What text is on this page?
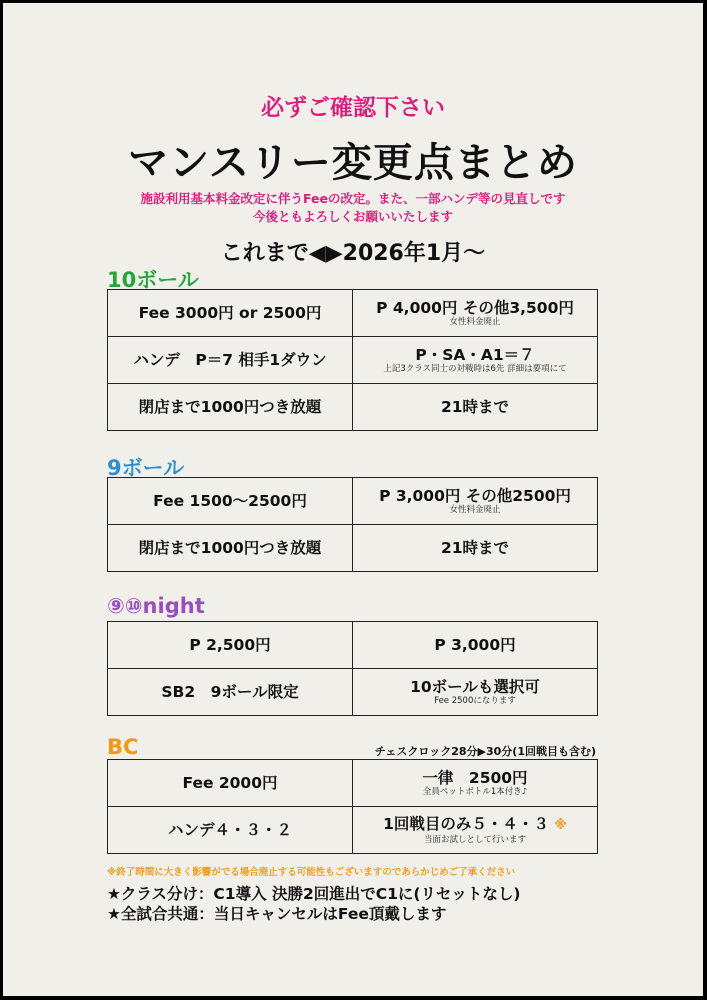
必ずご確認下さい
マンスリー変更点まとめ
施設利用基本料金改定に伴うFeeの改定。また、一部ハンデ等の見直しです
今後ともよろしくお願いいたします
これまで◀▶2026年1月〜
10ボール
Fee 3000円 or 2500円	P 4,000円 その他3,500円
女性料金廃止

ハンデ　P＝7 相手1ダウン	P・SA・A1＝７
上記3クラス同士の対戦時は6先 詳細は要項にて

閉店まで1000円つき放題	21時まで
9ボール
Fee 1500〜2500円	P 3,000円 その他2500円
女性料金廃止

閉店まで1000円つき放題	21時まで
⑨⑩night
P 2,500円	P 3,000円

SB2　9ボール限定	10ボールも選択可
Fee 2500になります
BC	チェスクロック28分▶30分(1回戦目も含む)
Fee 2000円	一律　2500円
全員ペットボトル1本付き♪

ハンデ４・３・２	1回戦目のみ５・４・３ ※
当面お試しとして行います
※終了時間に大きく影響がでる場合廃止する可能性もございますのであらかじめご了承ください
★クラス分け：C1導入 決勝2回進出でC1に(リセットなし)
★全試合共通：当日キャンセルはFee頂戴します
